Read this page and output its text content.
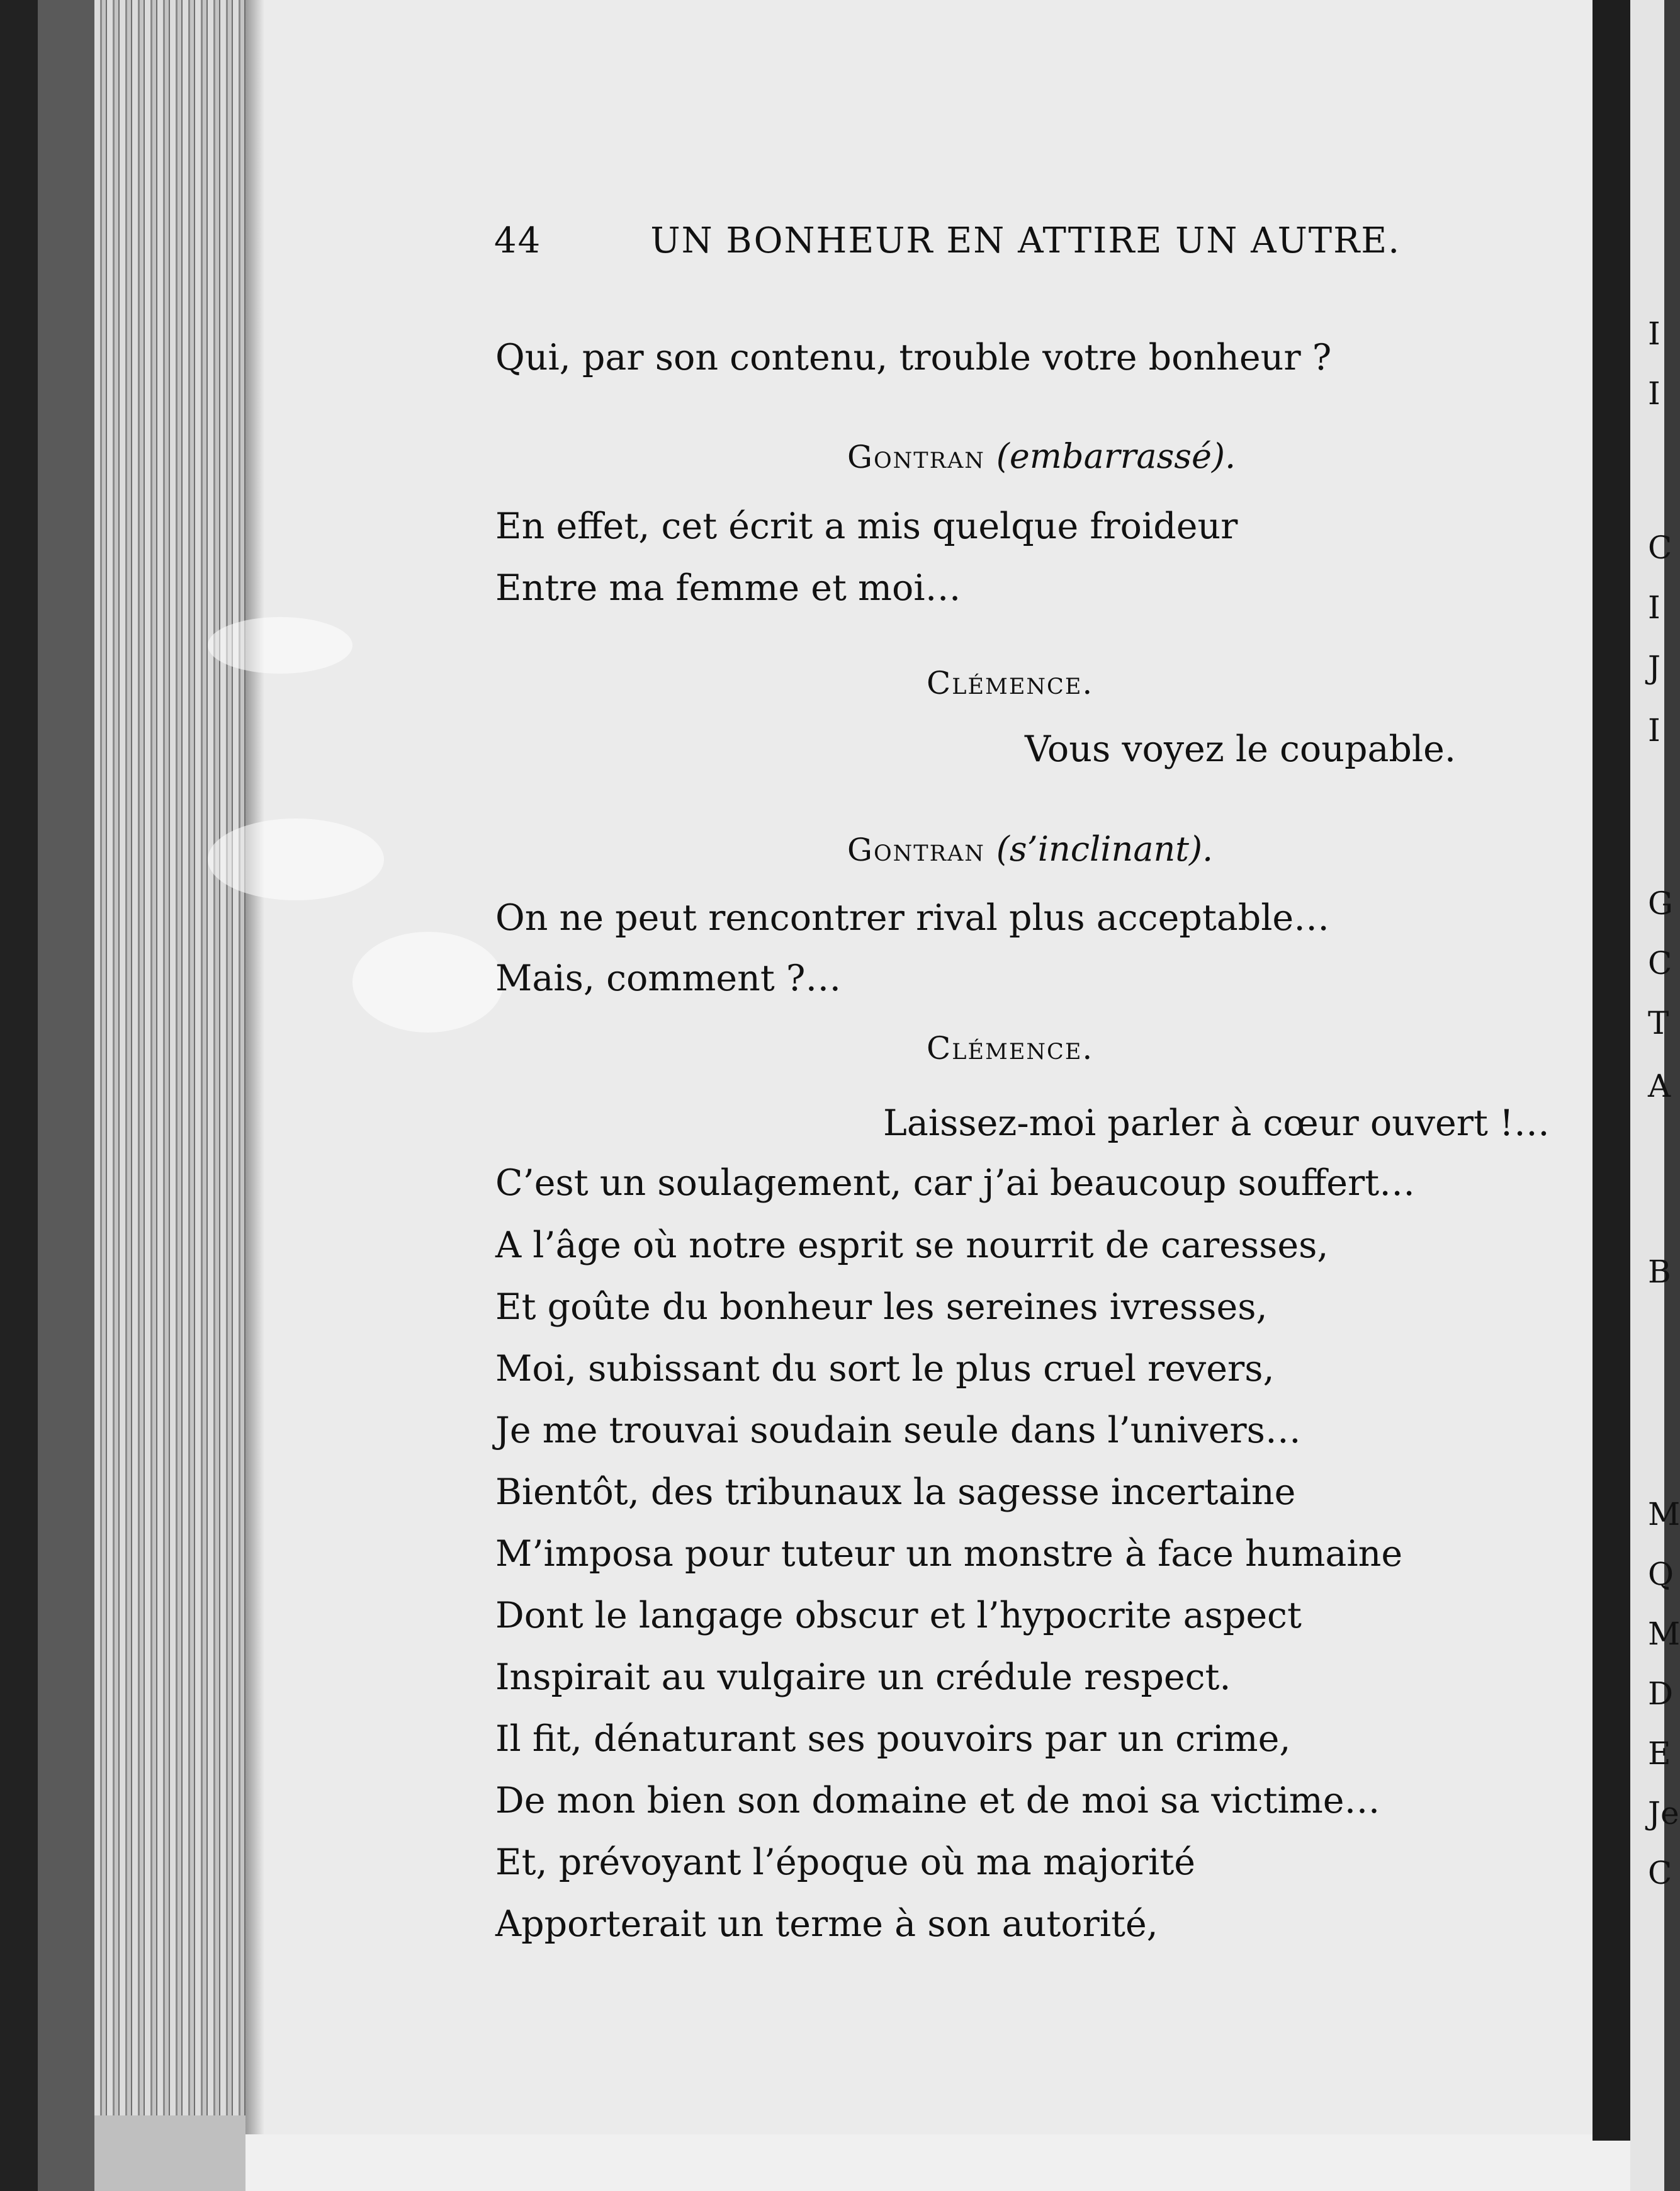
44	UN BONHEUR EN ATTIRE UN AUTRE.
Qui, par son contenu, trouble votre bonheur ?
Gontran (embarrassé).
En effet, cet écrit a mis quelque froideur
Entre ma femme et moi…
Clémence.
Vous voyez le coupable.
Gontran (s’inclinant).
On ne peut rencontrer rival plus acceptable…
Mais, comment ?…
Clémence.
Laissez-moi parler à cœur ouvert !…
C’est un soulagement, car j’ai beaucoup souffert…
A l’âge où notre esprit se nourrit de caresses,
Et goûte du bonheur les sereines ivresses,
Moi, subissant du sort le plus cruel revers,
Je me trouvai soudain seule dans l’univers…
Bientôt, des tribunaux la sagesse incertaine
M’imposa pour tuteur un monstre à face humaine
Dont le langage obscur et l’hypocrite aspect
Inspirait au vulgaire un crédule respect.
Il fit, dénaturant ses pouvoirs par un crime,
De mon bien son domaine et de moi sa victime…
Et, prévoyant l’époque où ma majorité
Apporterait un terme à son autorité,
I
I
C
I
J
I
G
C
T
A
B
M
Q
M
D
E
Je
C
